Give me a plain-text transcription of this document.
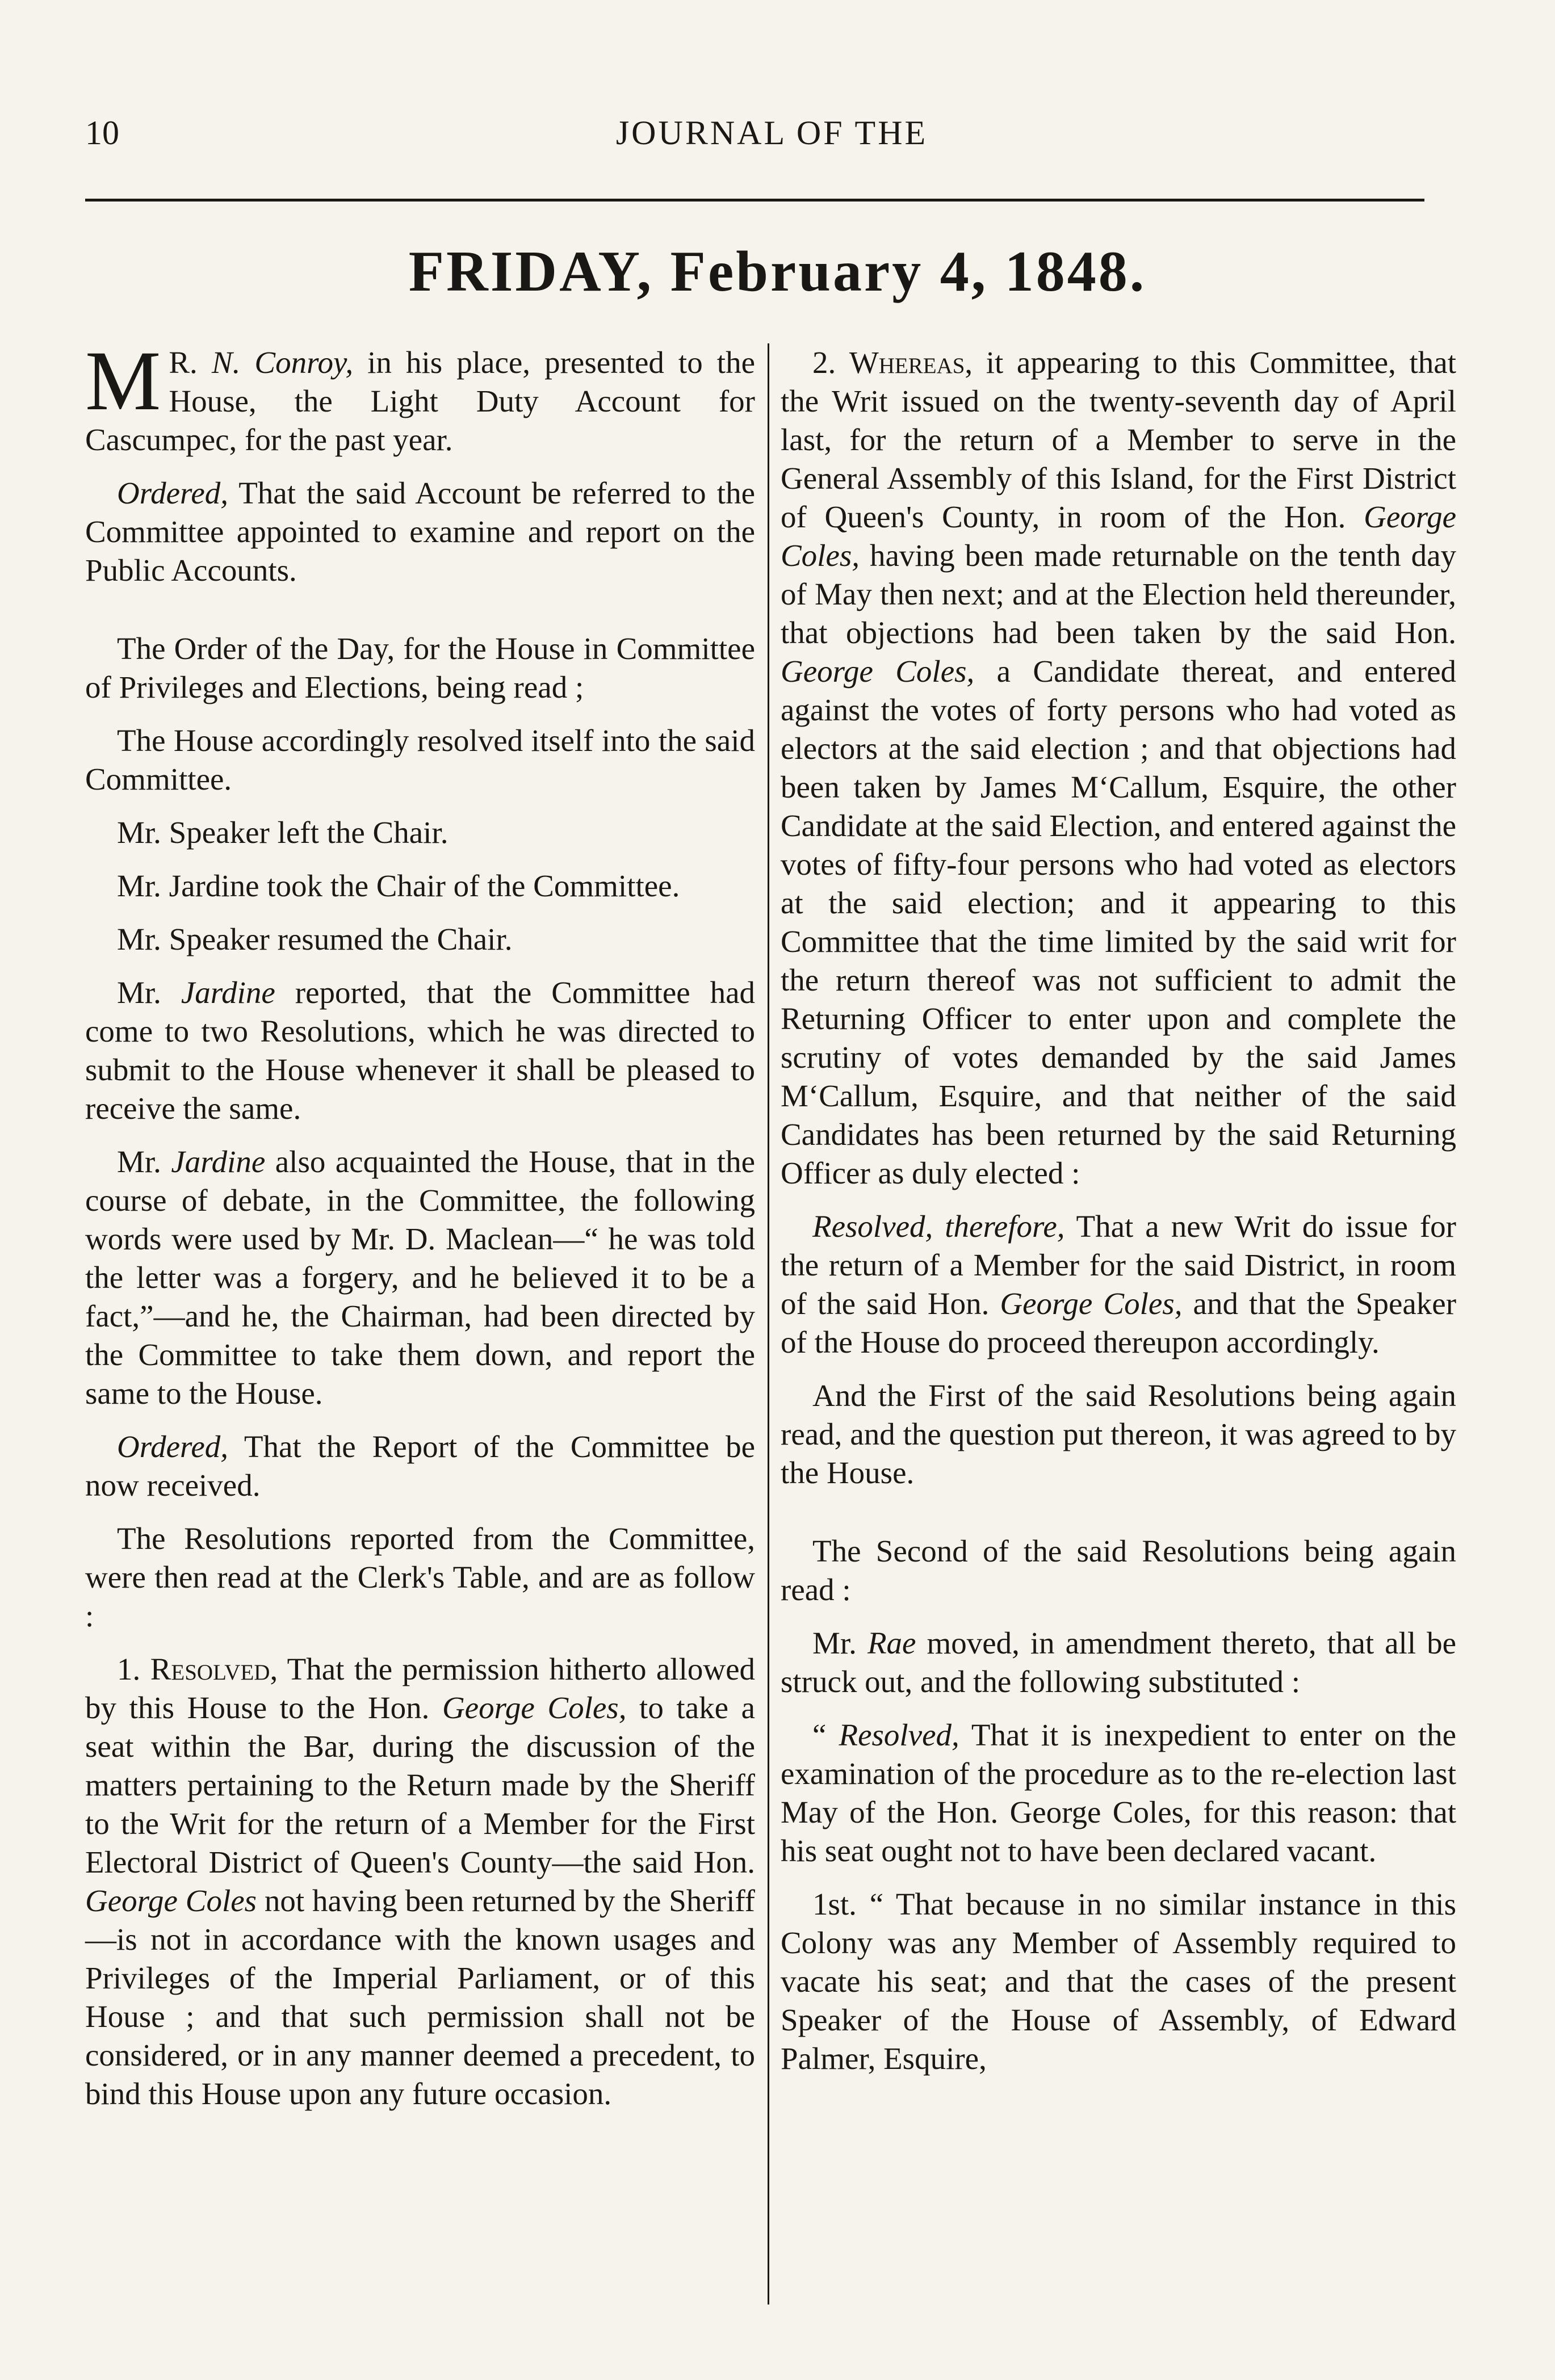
10	JOURNAL OF THE
FRIDAY, February 4, 1848.

M R. N. Conroy, in his place, presented to the House, the Light Duty Account for Cascumpec, for the past year.

Ordered, That the said Account be referred to the Committee appointed to examine and report on the Public Accounts.

The Order of the Day, for the House in Committee of Privileges and Elections, being read ;

The House accordingly resolved itself into the said Committee.

Mr. Speaker left the Chair.

Mr. Jardine took the Chair of the Committee.

Mr. Speaker resumed the Chair.

Mr. Jardine reported, that the Committee had come to two Resolutions, which he was directed to submit to the House whenever it shall be pleased to receive the same.

Mr. Jardine also acquainted the House, that in the course of debate, in the Committee, the following words were used by Mr. D. Maclean—“ he was told the letter was a forgery, and he believed it to be a fact,”—and he, the Chairman, had been directed by the Committee to take them down, and report the same to the House.

Ordered, That the Report of the Committee be now received.

The Resolutions reported from the Committee, were then read at the Clerk's Table, and are as follow :

1. Resolved, That the permission hitherto allowed by this House to the Hon. George Coles, to take a seat within the Bar, during the discussion of the matters pertaining to the Return made by the Sheriff to the Writ for the return of a Member for the First Electoral District of Queen's County—the said Hon. George Coles not having been returned by the Sheriff—is not in accordance with the known usages and Privileges of the Imperial Parliament, or of this House ; and that such permission shall not be considered, or in any manner deemed a precedent, to bind this House upon any future occasion.

2. Whereas, it appearing to this Committee, that the Writ issued on the twenty-seventh day of April last, for the return of a Member to serve in the General Assembly of this Island, for the First District of Queen's County, in room of the Hon. George Coles, having been made returnable on the tenth day of May then next; and at the Election held thereunder, that objections had been taken by the said Hon. George Coles, a Candidate thereat, and entered against the votes of forty persons who had voted as electors at the said election ; and that objections had been taken by James M‘Callum, Esquire, the other Candidate at the said Election, and entered against the votes of fifty-four persons who had voted as electors at the said election; and it appearing to this Committee that the time limited by the said writ for the return thereof was not sufficient to admit the Returning Officer to enter upon and complete the scrutiny of votes demanded by the said James M‘Callum, Esquire, and that neither of the said Candidates has been returned by the said Returning Officer as duly elected :

Resolved, therefore, That a new Writ do issue for the return of a Member for the said District, in room of the said Hon. George Coles, and that the Speaker of the House do proceed thereupon accordingly.

And the First of the said Resolutions being again read, and the question put thereon, it was agreed to by the House.

The Second of the said Resolutions being again read :

Mr. Rae moved, in amendment thereto, that all be struck out, and the following substituted :

“ Resolved, That it is inexpedient to enter on the examination of the procedure as to the re-election last May of the Hon. George Coles, for this reason: that his seat ought not to have been declared vacant.

1st. “ That because in no similar instance in this Colony was any Member of Assembly required to vacate his seat; and that the cases of the present Speaker of the House of Assembly, of Edward Palmer, Esquire,
